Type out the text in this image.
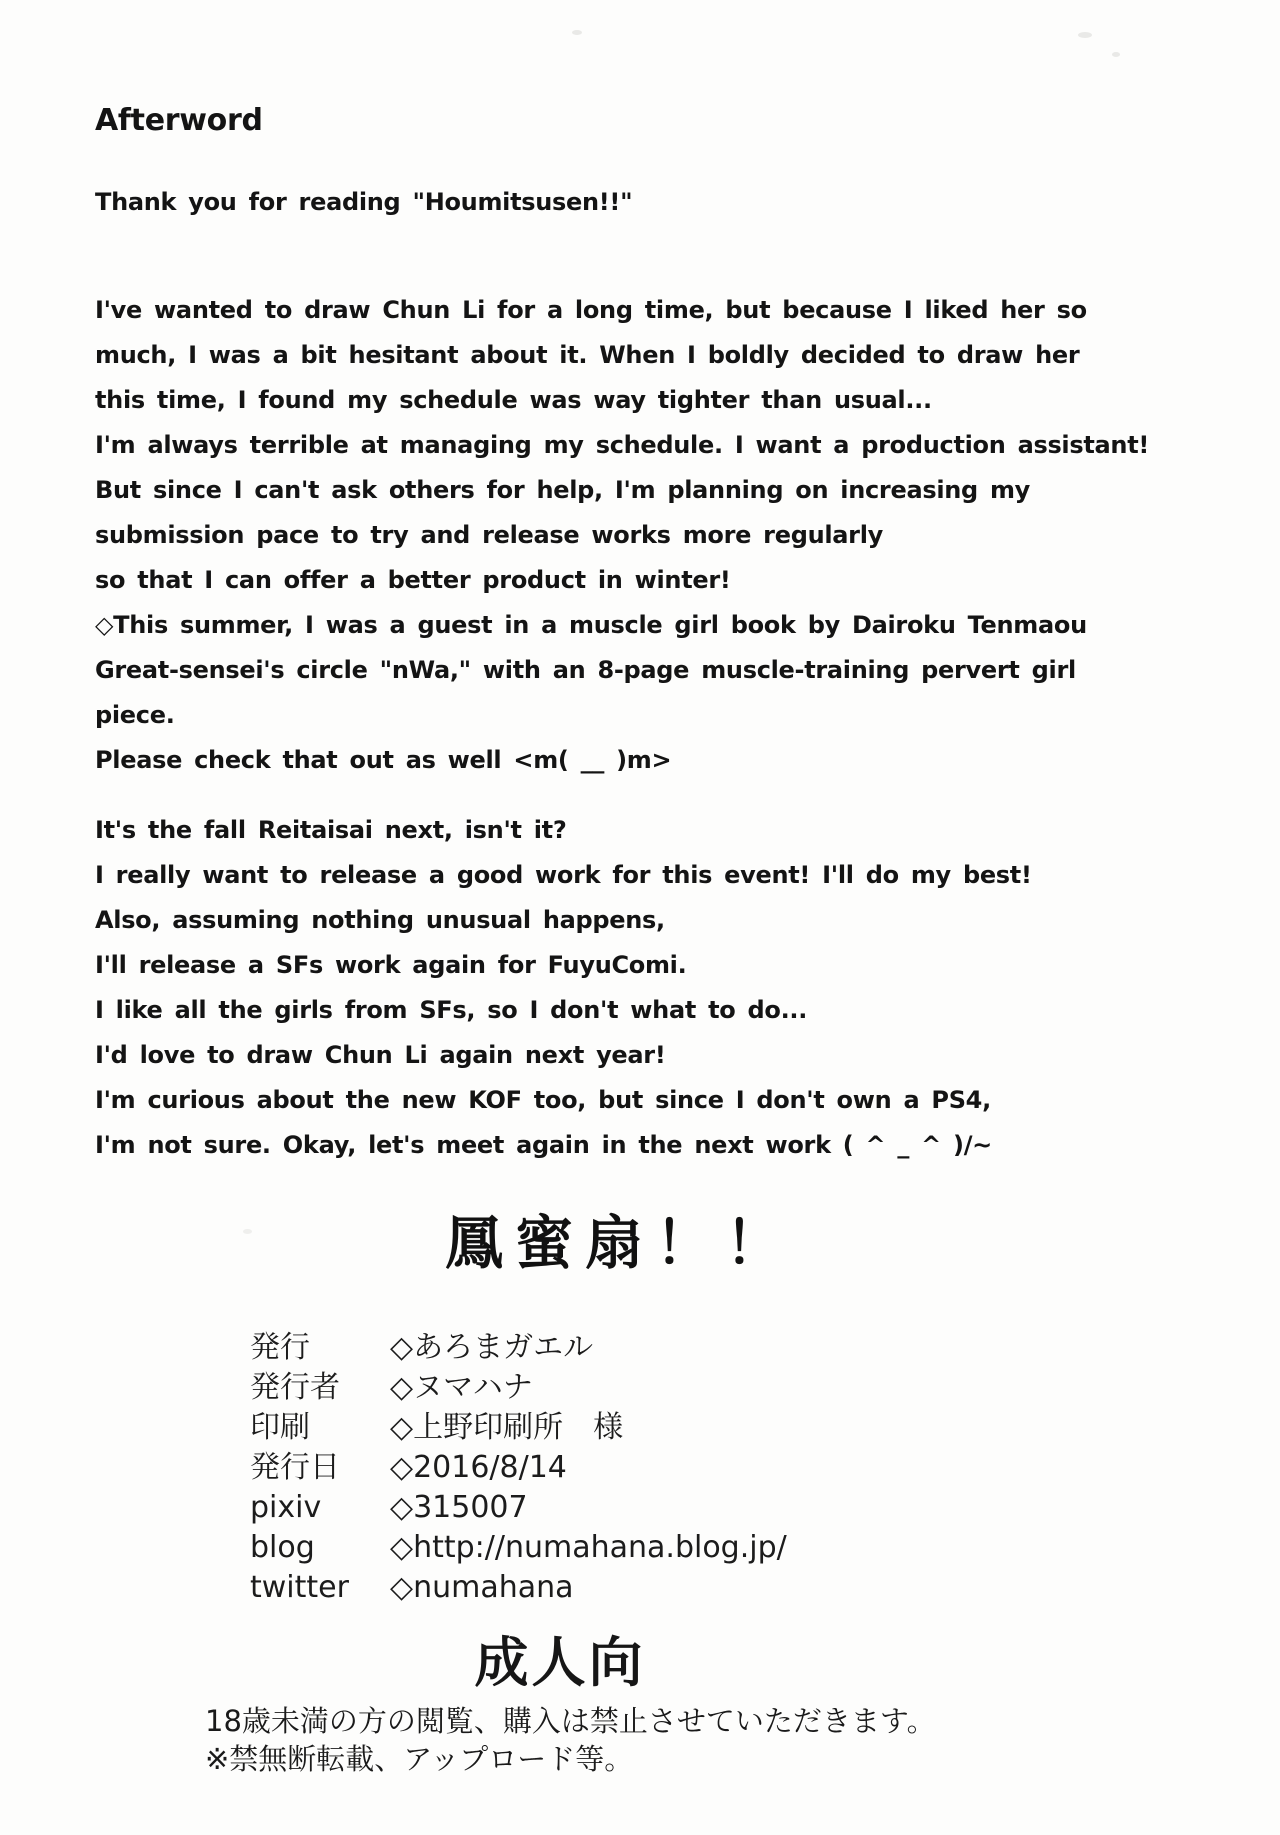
Afterword
Thank you for reading "Houmitsusen!!"
I've wanted to draw Chun Li for a long time, but because I liked her so
much, I was a bit hesitant about it. When I boldly decided to draw her
this time, I found my schedule was way tighter than usual...
I'm always terrible at managing my schedule. I want a production assistant!
But since I can't ask others for help, I'm planning on increasing my
submission pace to try and release works more regularly
so that I can offer a better product in winter!
◇This summer, I was a guest in a muscle girl book by Dairoku Tenmaou
Great-sensei's circle "nWa," with an 8-page muscle-training pervert girl
piece.
Please check that out as well <m( __ )m>
It's the fall Reitaisai next, isn't it?
I really want to release a good work for this event! I'll do my best!
Also, assuming nothing unusual happens,
I'll release a SFs work again for FuyuComi.
I like all the girls from SFs, so I don't what to do...
I'd love to draw Chun Li again next year!
I'm curious about the new KOF too, but since I don't own a PS4,
I'm not sure. Okay, let's meet again in the next work ( ^ _ ^ )/~
鳳蜜扇！！
発行	◇あろまガエル
発行者	◇ヌマハナ
印刷	◇上野印刷所　様
発行日	◇2016/8/14
pixiv	◇315007
blog	◇http://numahana.blog.jp/
twitter	◇numahana
成人向
18歳未満の方の閲覧、購入は禁止させていただきます。
※禁無断転載、アップロード等。
